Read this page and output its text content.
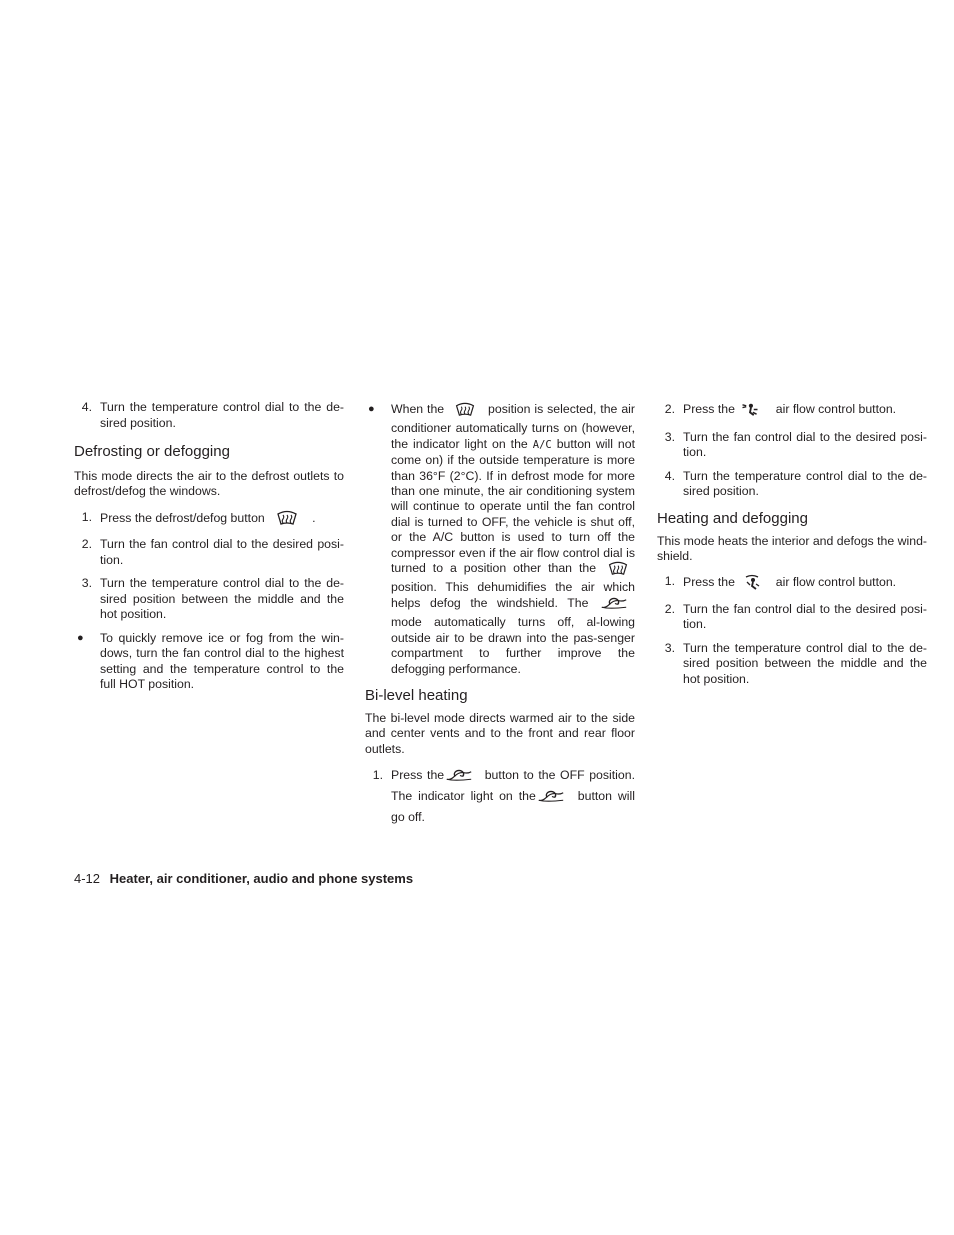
4. Turn the temperature control dial to the de-sired position.
Defrosting or defogging

This mode directs the air to the defrost outlets to defrost/defog the windows.

1. Press the defrost/defog button	.
2. Turn the fan control dial to the desired posi-tion.
3. Turn the temperature control dial to the de-sired position between the middle and the hot position.
●	To quickly remove ice or fog from the win-dows, turn the fan control dial to the highest setting and the temperature control to the full HOT position.
●	When the	position is selected, the air conditioner automatically turns on (however, the indicator light on the A/C button will not come on) if the outside temperature is more than 36°F (2°C). If in defrost mode for more than one minute, the air conditioning system will continue to operate until the fan control dial is turned to OFF, the vehicle is shut off, or the A/C button is used to turn off the compressor even if the air flow control dial is turned to a position other than the  position. This dehumidifies the air which helps defog the windshield. The  mode automatically turns off, al-lowing outside air to be drawn into the pas-senger compartment to further improve the defogging performance.
Bi-level heating

The bi-level mode directs warmed air to the side and center vents and to the front and rear floor outlets.

1. Press the	button to the OFF position. The indicator light on the	button will go off.
2. Press the	air flow control button.
3. Turn the fan control dial to the desired posi-tion.
4. Turn the temperature control dial to the de-sired position.
Heating and defogging

This mode heats the interior and defogs the wind-shield.

1. Press the	air flow control button.
2. Turn the fan control dial to the desired posi-tion.
3. Turn the temperature control dial to the de-sired position between the middle and the hot position.
4-12 Heater, air conditioner, audio and phone systems
